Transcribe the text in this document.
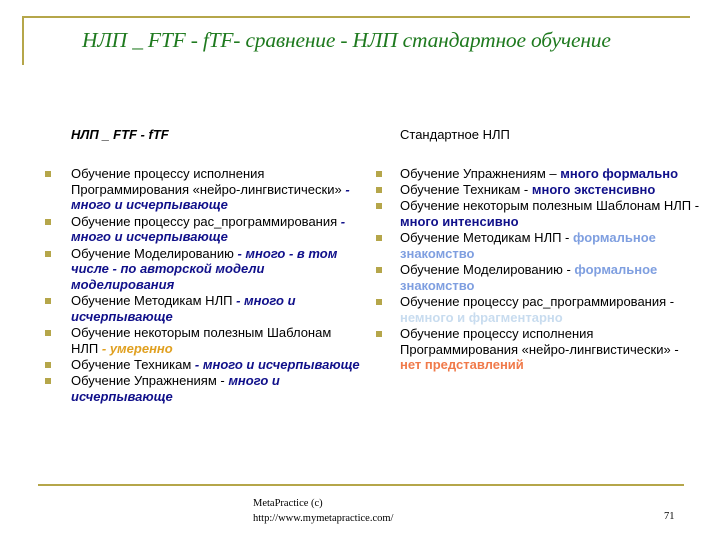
НЛП _ FTF - fTF- сравнение - НЛП стандартное обучение
НЛП _ FTF - fTF	Стандартное НЛП
Обучение процессу исполнения Программирования «нейро-лингвистически» - много и исчерпывающе
Обучение процессу рас_программирования - много и исчерпывающе
Обучение Моделированию - много - в том числе - по авторской модели моделирования
Обучение Методикам НЛП - много и исчерпывающе
Обучение некоторым полезным Шаблонам НЛП - умеренно
Обучение Техникам - много и исчерпывающе
Обучение Упражнениям - много и исчерпывающе
Обучение Упражнениям – много формально
Обучение Техникам - много экстенсивно
Обучение некоторым полезным Шаблонам НЛП - много интенсивно
Обучение Методикам НЛП - формальное знакомство
Обучение Моделированию - формальное знакомство
Обучение процессу рас_программирования - немного и фрагментарно
Обучение процессу исполнения Программирования «нейро-лингвистически» - нет представлений
MetaPractice (c)
http://www.mymetapractice.com/	71
